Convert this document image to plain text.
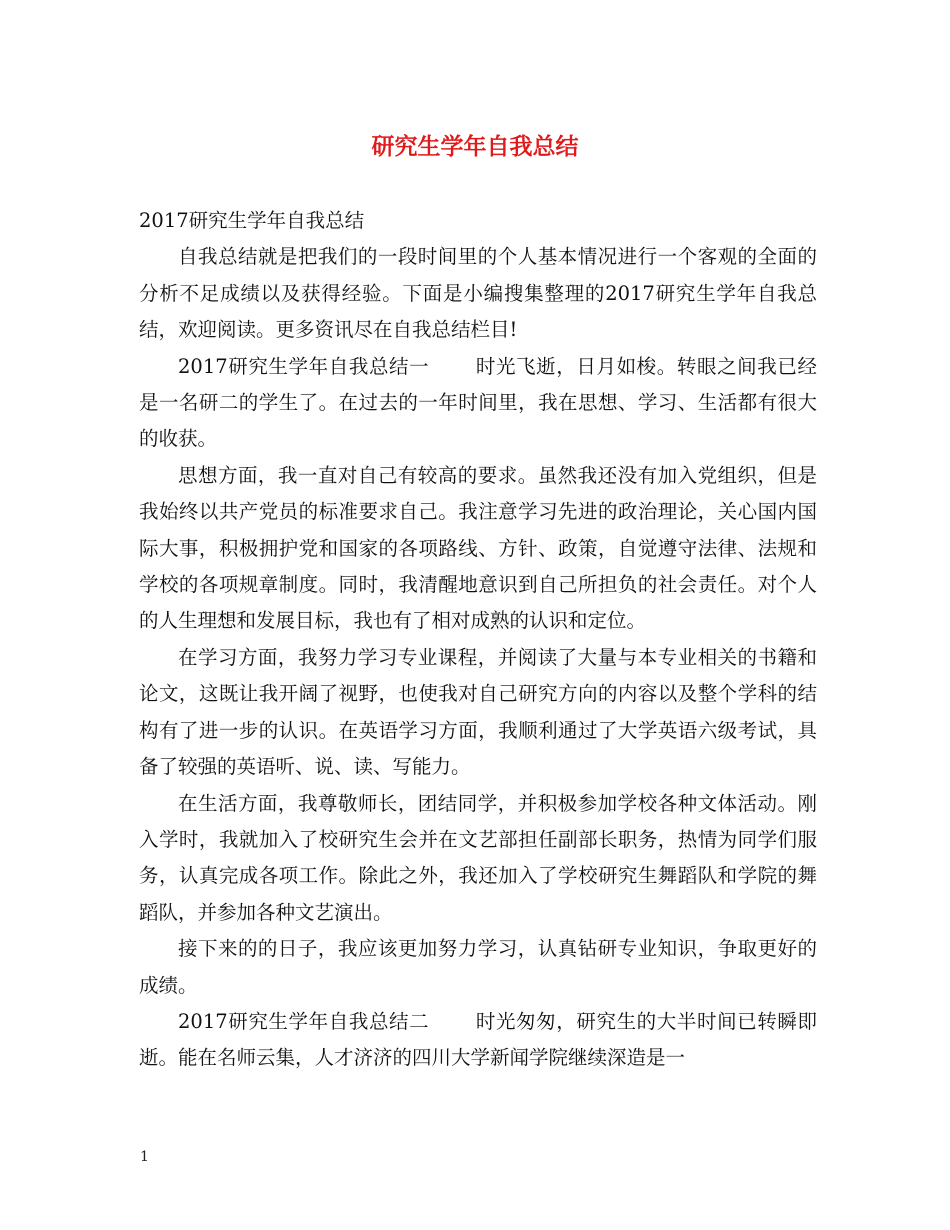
研究生学年自我总结

2017研究生学年自我总结

自我总结就是把我们的一段时间里的个人基本情况进行一个客观的全面的分析不足成绩以及获得经验。下面是小编搜集整理的2017研究生学年自我总结，欢迎阅读。更多资讯尽在自我总结栏目!

2017研究生学年自我总结一 时光飞逝，日月如梭。转眼之间我已经是一名研二的学生了。在过去的一年时间里，我在思想、学习、生活都有很大的收获。

思想方面，我一直对自己有较高的要求。虽然我还没有加入党组织，但是我始终以共产党员的标准要求自己。我注意学习先进的政治理论，关心国内国际大事，积极拥护党和国家的各项路线、方针、政策，自觉遵守法律、法规和学校的各项规章制度。同时，我清醒地意识到自己所担负的社会责任。对个人的人生理想和发展目标，我也有了相对成熟的认识和定位。

在学习方面，我努力学习专业课程，并阅读了大量与本专业相关的书籍和论文，这既让我开阔了视野，也使我对自己研究方向的内容以及整个学科的结构有了进一步的认识。在英语学习方面，我顺利通过了大学英语六级考试，具备了较强的英语听、说、读、写能力。

在生活方面，我尊敬师长，团结同学，并积极参加学校各种文体活动。刚入学时，我就加入了校研究生会并在文艺部担任副部长职务，热情为同学们服务，认真完成各项工作。除此之外，我还加入了学校研究生舞蹈队和学院的舞蹈队，并参加各种文艺演出。

接下来的的日子，我应该更加努力学习，认真钻研专业知识，争取更好的成绩。

2017研究生学年自我总结二 时光匆匆，研究生的大半时间已转瞬即逝。能在名师云集，人才济济的四川大学新闻学院继续深造是一

1
